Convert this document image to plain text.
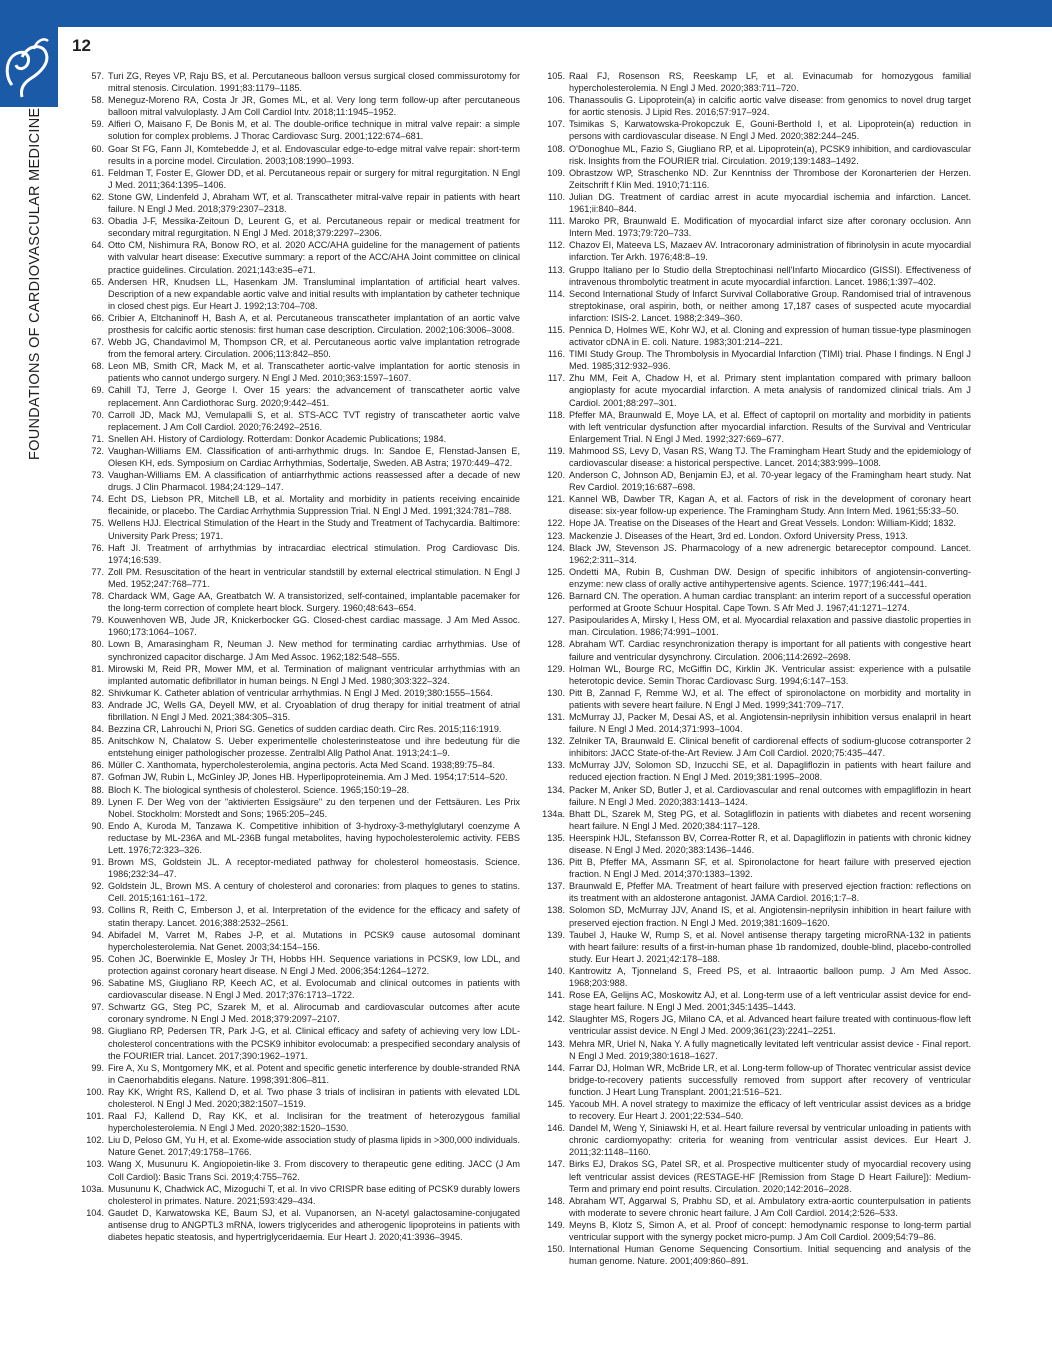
12
FOUNDATIONS OF CARDIOVASCULAR MEDICINE
57. Turi ZG, Reyes VP, Raju BS, et al. Percutaneous balloon versus surgical closed commissurotomy for mitral stenosis. Circulation. 1991;83:1179–1185.
58. Meneguz-Moreno RA, Costa Jr JR, Gomes ML, et al. Very long term follow-up after percutaneous balloon mitral valvuloplasty. J Am Coll Cardiol Intv. 2018;11:1945–1952.
59. Alfieri O, Maisano F, De Bonis M, et al. The double-orifice technique in mitral valve repair: a simple solution for complex problems. J Thorac Cardiovasc Surg. 2001;122:674–681.
60. Goar St FG, Fann JI, Komtebedde J, et al. Endovascular edge-to-edge mitral valve repair: short-term results in a porcine model. Circulation. 2003;108:1990–1993.
61. Feldman T, Foster E, Glower DD, et al. Percutaneous repair or surgery for mitral regurgitation. N Engl J Med. 2011;364:1395–1406.
62. Stone GW, Lindenfeld J, Abraham WT, et al. Transcatheter mitral-valve repair in patients with heart failure. N Engl J Med. 2018;379:2307–2318.
63. Obadia J-F, Messika-Zeitoun D, Leurent G, et al. Percutaneous repair or medical treatment for secondary mitral regurgitation. N Engl J Med. 2018;379:2297–2306.
64. Otto CM, Nishimura RA, Bonow RO, et al. 2020 ACC/AHA guideline for the management of patients with valvular heart disease: Executive summary: a report of the ACC/AHA Joint committee on clinical practice guidelines. Circulation. 2021;143:e35–e71.
65. Andersen HR, Knudsen LL, Hasenkam JM. Transluminal implantation of artificial heart valves. Description of a new expandable aortic valve and initial results with implantation by catheter technique in closed chest pigs. Eur Heart J. 1992;13:704–708.
66. Cribier A, Eltchaninoff H, Bash A, et al. Percutaneous transcatheter implantation of an aortic valve prosthesis for calcific aortic stenosis: first human case description. Circulation. 2002;106:3006–3008.
67. Webb JG, Chandavimol M, Thompson CR, et al. Percutaneous aortic valve implantation retrograde from the femoral artery. Circulation. 2006;113:842–850.
68. Leon MB, Smith CR, Mack M, et al. Transcatheter aortic-valve implantation for aortic stenosis in patients who cannot undergo surgery. N Engl J Med. 2010;363:1597–1607.
69. Cahill TJ, Terre J, George I. Over 15 years: the advancement of transcatheter aortic valve replacement. Ann Cardiothorac Surg. 2020;9:442–451.
70. Carroll JD, Mack MJ, Vemulapalli S, et al. STS-ACC TVT registry of transcatheter aortic valve replacement. J Am Coll Cardiol. 2020;76:2492–2516.
71. Snellen AH. History of Cardiology. Rotterdam: Donkor Academic Publications; 1984.
72. Vaughan-Williams EM. Classification of anti-arrhythmic drugs. In: Sandoe E, Flenstad-Jansen E, Olesen KH, eds. Symposium on Cardiac Arrhythmias, Sodertalje, Sweden. AB Astra; 1970:449–472.
73. Vaughan-Williams EM. A classification of antiarrhythmic actions reassessed after a decade of new drugs. J Clin Pharmacol. 1984;24:129–147.
74. Echt DS, Liebson PR, Mitchell LB, et al. Mortality and morbidity in patients receiving encainide flecainide, or placebo. The Cardiac Arrhythmia Suppression Trial. N Engl J Med. 1991;324:781–788.
75. Wellens HJJ. Electrical Stimulation of the Heart in the Study and Treatment of Tachycardia. Baltimore: University Park Press; 1971.
76. Haft JI. Treatment of arrhythmias by intracardiac electrical stimulation. Prog Cardiovasc Dis. 1974;16:539.
77. Zoll PM. Resuscitation of the heart in ventricular standstill by external electrical stimulation. N Engl J Med. 1952;247:768–771.
78. Chardack WM, Gage AA, Greatbatch W. A transistorized, self-contained, implantable pacemaker for the long-term correction of complete heart block. Surgery. 1960;48:643–654.
79. Kouwenhoven WB, Jude JR, Knickerbocker GG. Closed-chest cardiac massage. J Am Med Assoc. 1960;173:1064–1067.
80. Lown B, Amarasingham R, Neuman J. New method for terminating cardiac arrhythmias. Use of synchronized capacitor discharge. J Am Med Assoc. 1962;182:548–555.
81. Mirowski M, Reid PR, Mower MM, et al. Termination of malignant ventricular arrhythmias with an implanted automatic defibrillator in human beings. N Engl J Med. 1980;303:322–324.
82. Shivkumar K. Catheter ablation of ventricular arrhythmias. N Engl J Med. 2019;380:1555–1564.
83. Andrade JC, Wells GA, Deyell MW, et al. Cryoablation of drug therapy for initial treatment of atrial fibrillation. N Engl J Med. 2021;384:305–315.
84. Bezzina CR, Lahrouchi N, Priori SG. Genetics of sudden cardiac death. Circ Res. 2015;116:1919.
85. Anitschkow N, Chalatow S. Ueber experimentelle cholesterinsteatose und ihre bedeutung für die entstehung einiger pathologischer prozesse. Zentralbl Allg Pathol Anat. 1913;24:1–9.
86. Müller C. Xanthomata, hypercholesterolemia, angina pectoris. Acta Med Scand. 1938;89:75–84.
87. Gofman JW, Rubin L, McGinley JP, Jones HB. Hyperlipoproteinemia. Am J Med. 1954;17:514–520.
88. Bloch K. The biological synthesis of cholesterol. Science. 1965;150:19–28.
89. Lynen F. Der Weg von der "aktivierten Essigsäure" zu den terpenen und der Fettsäuren. Les Prix Nobel. Stockholm: Morstedt and Sons; 1965:205–245.
90. Endo A, Kuroda M, Tanzawa K. Competitive inhibition of 3-hydroxy-3-methylglutaryl coenzyme A reductase by ML-236A and ML-236B fungal metabolites, having hypocholesterolemic activity. FEBS Lett. 1976;72:323–326.
91. Brown MS, Goldstein JL. A receptor-mediated pathway for cholesterol homeostasis. Science. 1986;232:34–47.
92. Goldstein JL, Brown MS. A century of cholesterol and coronaries: from plaques to genes to statins. Cell. 2015;161:161–172.
93. Collins R, Reith C, Emberson J, et al. Interpretation of the evidence for the efficacy and safety of statin therapy. Lancet. 2016;388:2532–2561.
94. Abifadel M, Varret M, Rabes J-P, et al. Mutations in PCSK9 cause autosomal dominant hypercholesterolemia. Nat Genet. 2003;34:154–156.
95. Cohen JC, Boerwinkle E, Mosley Jr TH, Hobbs HH. Sequence variations in PCSK9, low LDL, and protection against coronary heart disease. N Engl J Med. 2006;354:1264–1272.
96. Sabatine MS, Giugliano RP, Keech AC, et al. Evolocumab and clinical outcomes in patients with cardiovascular disease. N Engl J Med. 2017;376:1713–1722.
97. Schwartz GG, Steg PC, Szarek M, et al. Alirocumab and cardiovascular outcomes after acute coronary syndrome. N Engl J Med. 2018;379:2097–2107.
98. Giugliano RP, Pedersen TR, Park J-G, et al. Clinical efficacy and safety of achieving very low LDL-cholesterol concentrations with the PCSK9 inhibitor evolocumab: a prespecified secondary analysis of the FOURIER trial. Lancet. 2017;390:1962–1971.
99. Fire A, Xu S, Montgomery MK, et al. Potent and specific genetic interference by double-stranded RNA in Caenorhabditis elegans. Nature. 1998;391:806–811.
100. Ray KK, Wright RS, Kallend D, et al. Two phase 3 trials of inclisiran in patients with elevated LDL cholesterol. N Engl J Med. 2020;382:1507–1519.
101. Raal FJ, Kallend D, Ray KK, et al. Inclisiran for the treatment of heterozygous familial hypercholesterolemia. N Engl J Med. 2020;382:1520–1530.
102. Liu D, Peloso GM, Yu H, et al. Exome-wide association study of plasma lipids in >300,000 individuals. Nature Genet. 2017;49:1758–1766.
103. Wang X, Musunuru K. Angiopoietin-like 3. From discovery to therapeutic gene editing. JACC (J Am Coll Cardiol): Basic Trans Sci. 2019;4:755–762.
103a. Musununu K, Chadwick AC, Mizoguchi T, et al. In vivo CRISPR base editing of PCSK9 durably lowers cholesterol in primates. Nature. 2021;593:429–434.
104. Gaudet D, Karwatowska KE, Baum SJ, et al. Vupanorsen, an N-acetyl galactosamine-conjugated antisense drug to ANGPTL3 mRNA, lowers triglycerides and atherogenic lipoproteins in patients with diabetes hepatic steatosis, and hypertriglyceridaemia. Eur Heart J. 2020;41:3936–3945.
105. Raal FJ, Rosenson RS, Reeskamp LF, et al. Evinacumab for homozygous familial hypercholesterolemia. N Engl J Med. 2020;383:711–720.
106. Thanassoulis G. Lipoprotein(a) in calcific aortic valve disease: from genomics to novel drug target for aortic stenosis. J Lipid Res. 2016;57:917–924.
107. Tsimikas S, Karwatowska-Prokopczuk E, Gouni-Berthold I, et al. Lipoprotein(a) reduction in persons with cardiovascular disease. N Engl J Med. 2020;382:244–245.
108. O'Donoghue ML, Fazio S, Giugliano RP, et al. Lipoprotein(a), PCSK9 inhibition, and cardiovascular risk. Insights from the FOURIER trial. Circulation. 2019;139:1483–1492.
109. Obrastzow WP, Straschenko ND. Zur Kenntniss der Thrombose der Koronarterien der Herzen. Zeitschrift f Klin Med. 1910;71:116.
110. Julian DG. Treatment of cardiac arrest in acute myocardial ischemia and infarction. Lancet. 1961;ii:840–844.
111. Maroko PR, Braunwald E. Modification of myocardial infarct size after coronary occlusion. Ann Intern Med. 1973;79:720–733.
112. Chazov EI, Mateeva LS, Mazaev AV. Intracoronary administration of fibrinolysin in acute myocardial infarction. Ter Arkh. 1976;48:8–19.
113. Gruppo Italiano per lo Studio della Streptochinasi nell'Infarto Miocardico (GISSI). Effectiveness of intravenous thrombolytic treatment in acute myocardial infarction. Lancet. 1986;1:397–402.
114. Second International Study of Infarct Survival Collaborative Group. Randomised trial of intravenous streptokinase, oral aspirin, both, or neither among 17,187 cases of suspected acute myocardial infarction: ISIS-2. Lancet. 1988;2:349–360.
115. Pennica D, Holmes WE, Kohr WJ, et al. Cloning and expression of human tissue-type plasminogen activator cDNA in E. coli. Nature. 1983;301:214–221.
116. TIMI Study Group. The Thrombolysis in Myocardial Infarction (TIMI) trial. Phase I findings. N Engl J Med. 1985;312:932–936.
117. Zhu MM, Feit A, Chadow H, et al. Primary stent implantation compared with primary balloon angioplasty for acute myocardial infarction. A meta analysis of randomized clinical trials. Am J Cardiol. 2001;88:297–301.
118. Pfeffer MA, Braunwald E, Moye LA, et al. Effect of captopril on mortality and morbidity in patients with left ventricular dysfunction after myocardial infarction. Results of the Survival and Ventricular Enlargement Trial. N Engl J Med. 1992;327:669–677.
119. Mahmood SS, Levy D, Vasan RS, Wang TJ. The Framingham Heart Study and the epidemiology of cardiovascular disease: a historical perspective. Lancet. 2014;383:999–1008.
120. Anderson C, Johnson AD, Benjamin EJ, et al. 70-year legacy of the Framingham heart study. Nat Rev Cardiol. 2019;16:687–698.
121. Kannel WB, Dawber TR, Kagan A, et al. Factors of risk in the development of coronary heart disease: six-year follow-up experience. The Framingham Study. Ann Intern Med. 1961;55:33–50.
122. Hope JA. Treatise on the Diseases of the Heart and Great Vessels. London: William-Kidd; 1832.
123. Mackenzie J. Diseases of the Heart, 3rd ed. London. Oxford University Press, 1913.
124. Black JW, Stevenson JS. Pharmacology of a new adrenergic betareceptor compound. Lancet. 1962;2:311–314.
125. Ondetti MA, Rubin B, Cushman DW. Design of specific inhibitors of angiotensin-converting-enzyme: new class of orally active antihypertensive agents. Science. 1977;196:441–441.
126. Barnard CN. The operation. A human cardiac transplant: an interim report of a successful operation performed at Groote Schuur Hospital. Cape Town. S Afr Med J. 1967;41:1271–1274.
127. Pasipoularides A, Mirsky I, Hess OM, et al. Myocardial relaxation and passive diastolic properties in man. Circulation. 1986;74:991–1001.
128. Abraham WT. Cardiac resynchronization therapy is important for all patients with congestive heart failure and ventricular dysynchrony. Circulation. 2006;114:2692–2698.
129. Holman WL, Bourge RC, McGiffin DC, Kirklin JK. Ventricular assist: experience with a pulsatile heterotopic device. Semin Thorac Cardiovasc Surg. 1994;6:147–153.
130. Pitt B, Zannad F, Remme WJ, et al. The effect of spironolactone on morbidity and mortality in patients with severe heart failure. N Engl J Med. 1999;341:709–717.
131. McMurray JJ, Packer M, Desai AS, et al. Angiotensin-neprilysin inhibition versus enalapril in heart failure. N Engl J Med. 2014;371:993–1004.
132. Zelniker TA, Braunwald E. Clinical benefit of cardiorenal effects of sodium-glucose cotransporter 2 inhibitors: JACC State-of-the-Art Review. J Am Coll Cardiol. 2020;75:435–447.
133. McMurray JJV, Solomon SD, Inzucchi SE, et al. Dapagliflozin in patients with heart failure and reduced ejection fraction. N Engl J Med. 2019;381:1995–2008.
134. Packer M, Anker SD, Butler J, et al. Cardiovascular and renal outcomes with empagliflozin in heart failure. N Engl J Med. 2020;383:1413–1424.
134a. Bhatt DL, Szarek M, Steg PG, et al. Sotagliflozin in patients with diabetes and recent worsening heart failure. N Engl J Med. 2020;384:117–128.
135. Heerspink HJL, Stefansson BV, Correa-Rotter R, et al. Dapagliflozin in patients with chronic kidney disease. N Engl J Med. 2020;383:1436–1446.
136. Pitt B, Pfeffer MA, Assmann SF, et al. Spironolactone for heart failure with preserved ejection fraction. N Engl J Med. 2014;370:1383–1392.
137. Braunwald E, Pfeffer MA. Treatment of heart failure with preserved ejection fraction: reflections on its treatment with an aldosterone antagonist. JAMA Cardiol. 2016;1:7–8.
138. Solomon SD, McMurray JJV, Anand IS, et al. Angiotensin-neprilysin inhibition in heart failure with preserved ejection fraction. N Engl J Med. 2019;381:1609–1620.
139. Taubel J, Hauke W, Rump S, et al. Novel antisense therapy targeting microRNA-132 in patients with heart failure: results of a first-in-human phase 1b randomized, double-blind, placebo-controlled study. Eur Heart J. 2021;42:178–188.
140. Kantrowitz A, Tjonneland S, Freed PS, et al. Intraaortic balloon pump. J Am Med Assoc. 1968;203:988.
141. Rose EA, Gelijns AC, Moskowitz AJ, et al. Long-term use of a left ventricular assist device for end-stage heart failure. N Engl J Med. 2001;345:1435–1443.
142. Slaughter MS, Rogers JG, Milano CA, et al. Advanced heart failure treated with continuous-flow left ventricular assist device. N Engl J Med. 2009;361(23):2241–2251.
143. Mehra MR, Uriel N, Naka Y. A fully magnetically levitated left ventricular assist device - Final report. N Engl J Med. 2019;380:1618–1627.
144. Farrar DJ, Holman WR, McBride LR, et al. Long-term follow-up of Thoratec ventricular assist device bridge-to-recovery patients successfully removed from support after recovery of ventricular function. J Heart Lung Transplant. 2001;21:516–521.
145. Yacoub MH. A novel strategy to maximize the efficacy of left ventricular assist devices as a bridge to recovery. Eur Heart J. 2001;22:534–540.
146. Dandel M, Weng Y, Siniawski H, et al. Heart failure reversal by ventricular unloading in patients with chronic cardiomyopathy: criteria for weaning from ventricular assist devices. Eur Heart J. 2011;32:1148–1160.
147. Birks EJ, Drakos SG, Patel SR, et al. Prospective multicenter study of myocardial recovery using left ventricular assist devices (RESTAGE-HF [Remission from Stage D Heart Failure]): Medium-Term and primary end point results. Circulation. 2020;142:2016–2028.
148. Abraham WT, Aggarwal S, Prabhu SD, et al. Ambulatory extra-aortic counterpulsation in patients with moderate to severe chronic heart failure. J Am Coll Cardiol. 2014;2:526–533.
149. Meyns B, Klotz S, Simon A, et al. Proof of concept: hemodynamic response to long-term partial ventricular support with the synergy pocket micro-pump. J Am Coll Cardiol. 2009;54:79–86.
150. International Human Genome Sequencing Consortium. Initial sequencing and analysis of the human genome. Nature. 2001;409:860–891.
